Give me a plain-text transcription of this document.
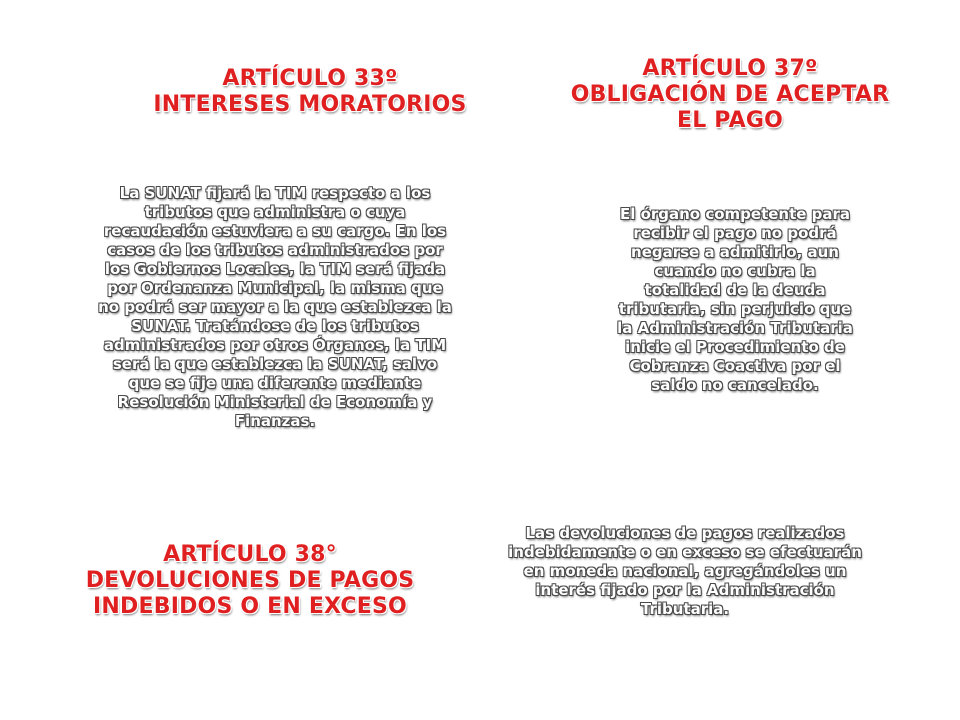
ARTÍCULO 33º
INTERESES MORATORIOS
ARTÍCULO 37º
OBLIGACIÓN DE ACEPTAR
EL PAGO
La SUNAT fijará la TIM respecto a los
tributos que administra o cuya
recaudación estuviera a su cargo. En los
casos de los tributos administrados por
los Gobiernos Locales, la TIM será fijada
por Ordenanza Municipal, la misma que
no podrá ser mayor a la que establezca la
SUNAT. Tratándose de los tributos
administrados por otros Órganos, la TIM
será la que establezca la SUNAT, salvo
que se fije una diferente mediante
Resolución Ministerial de Economía y
Finanzas.
El órgano competente para
recibir el pago no podrá
negarse a admitirlo, aun
cuando no cubra la
totalidad de la deuda
tributaria, sin perjuicio que
la Administración Tributaria
inicie el Procedimiento de
Cobranza Coactiva por el
saldo no cancelado.
ARTÍCULO 38°
DEVOLUCIONES DE PAGOS
INDEBIDOS O EN EXCESO
Las devoluciones de pagos realizados
indebidamente o en exceso se efectuarán
en moneda nacional, agregándoles un
interés fijado por la Administración
Tributaria.
